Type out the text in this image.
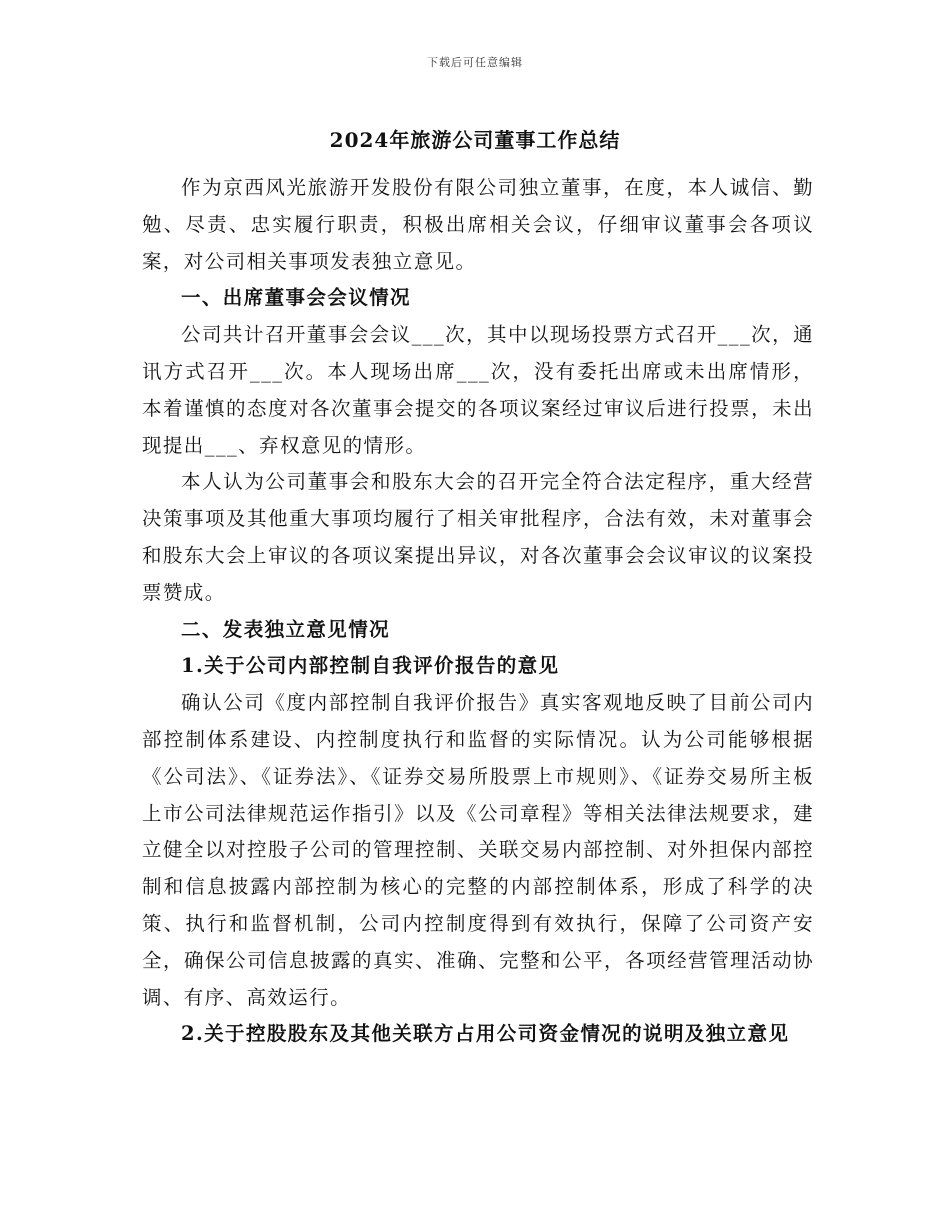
下载后可任意编辑
2024年旅游公司董事工作总结

作为京西风光旅游开发股份有限公司独立董事，在度，本人诚信、勤勉、尽责、忠实履行职责，积极出席相关会议，仔细审议董事会各项议案，对公司相关事项发表独立意见。

一、出席董事会会议情况

公司共计召开董事会会议___次，其中以现场投票方式召开___次，通讯方式召开___次。本人现场出席___次，没有委托出席或未出席情形，本着谨慎的态度对各次董事会提交的各项议案经过审议后进行投票，未出现提出___、弃权意见的情形。

本人认为公司董事会和股东大会的召开完全符合法定程序，重大经营决策事项及其他重大事项均履行了相关审批程序，合法有效，未对董事会和股东大会上审议的各项议案提出异议，对各次董事会会议审议的议案投票赞成。

二、发表独立意见情况

1.关于公司内部控制自我评价报告的意见

确认公司《度内部控制自我评价报告》真实客观地反映了目前公司内部控制体系建设、内控制度执行和监督的实际情况。认为公司能够根据《公司法》、《证券法》、《证券交易所股票上市规则》、《证券交易所主板上市公司法律规范运作指引》以及《公司章程》等相关法律法规要求，建立健全以对控股子公司的管理控制、关联交易内部控制、对外担保内部控制和信息披露内部控制为核心的完整的内部控制体系，形成了科学的决策、执行和监督机制，公司内控制度得到有效执行，保障了公司资产安全，确保公司信息披露的真实、准确、完整和公平，各项经营管理活动协调、有序、高效运行。

2.关于控股股东及其他关联方占用公司资金情况的说明及独立意见
